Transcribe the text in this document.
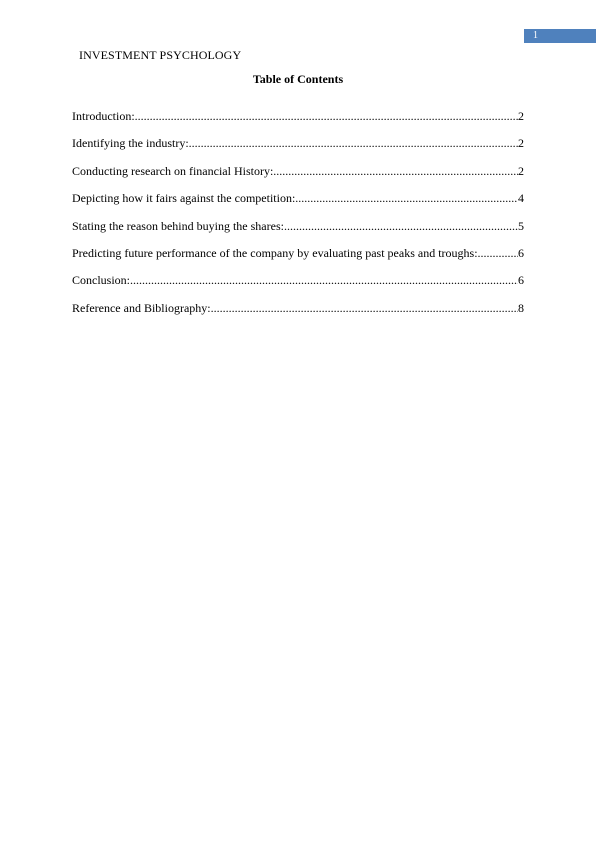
1
INVESTMENT PSYCHOLOGY
Table of Contents
Introduction: .....	2
Identifying the industry: .....	2
Conducting research on financial History: .....	2
Depicting how it fairs against the competition: .....	4
Stating the reason behind buying the shares: .....	5
Predicting future performance of the company by evaluating past peaks and troughs: .....	6
Conclusion: .....	6
Reference and Bibliography: .....	8
